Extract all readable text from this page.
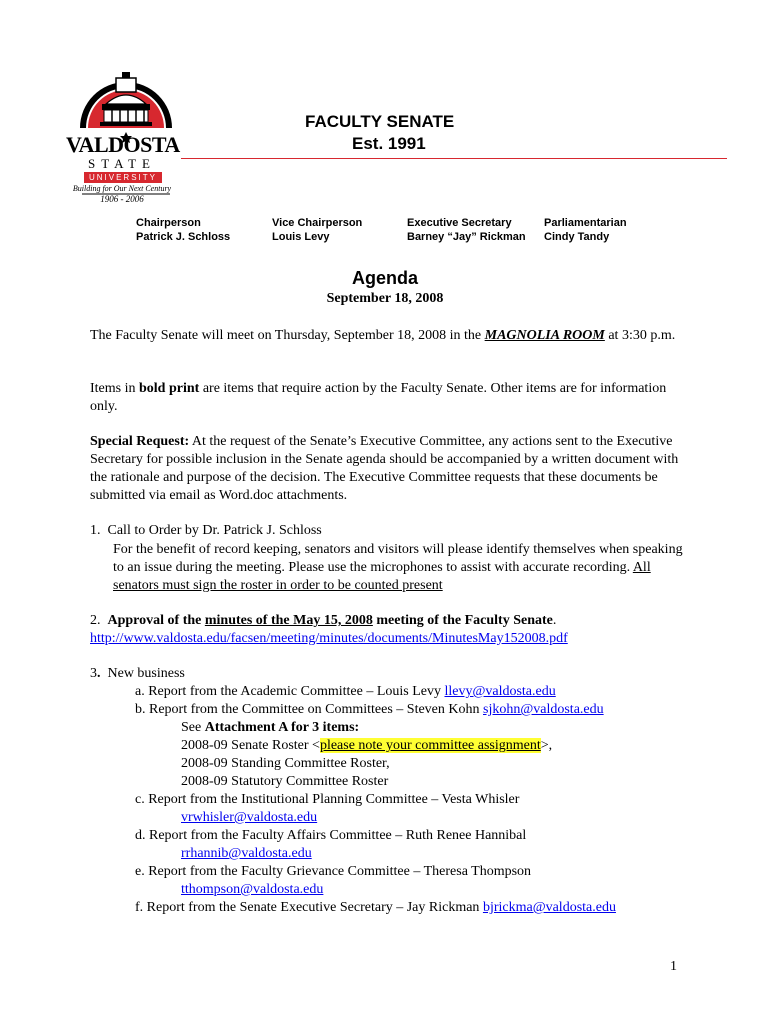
VALDOSTA
STATE
UNIVERSITY
Building for Our Next Century
1906 - 2006
FACULTY SENATE
Est. 1991
Chairperson
Patrick J. Schloss
Vice Chairperson
Louis Levy
Executive Secretary
Barney “Jay” Rickman
Parliamentarian
Cindy Tandy
Agenda
September 18, 2008
The Faculty Senate will meet on Thursday, September 18, 2008 in the MAGNOLIA ROOM at 3:30 p.m.
Items in bold print are items that require action by the Faculty Senate. Other items are for information only.
Special Request: At the request of the Senate’s Executive Committee, any actions sent to the Executive Secretary for possible inclusion in the Senate agenda should be accompanied by a written document with the rationale and purpose of the decision. The Executive Committee requests that these documents be submitted via email as Word.doc attachments.
1. Call to Order by Dr. Patrick J. Schloss
For the benefit of record keeping, senators and visitors will please identify themselves when speaking to an issue during the meeting. Please use the microphones to assist with accurate recording. All senators must sign the roster in order to be counted present
2. Approval of the minutes of the May 15, 2008 meeting of the Faculty Senate.
http://www.valdosta.edu/facsen/meeting/minutes/documents/MinutesMay152008.pdf
3. New business
a. Report from the Academic Committee – Louis Levy llevy@valdosta.edu
b. Report from the Committee on Committees – Steven Kohn sjkohn@valdosta.edu
See Attachment A for 3 items:
2008-09 Senate Roster <please note your committee assignment>,
2008-09 Standing Committee Roster,
2008-09 Statutory Committee Roster
c. Report from the Institutional Planning Committee – Vesta Whisler
vrwhisler@valdosta.edu
d. Report from the Faculty Affairs Committee – Ruth Renee Hannibal
rrhannib@valdosta.edu
e. Report from the Faculty Grievance Committee – Theresa Thompson
tthompson@valdosta.edu
f. Report from the Senate Executive Secretary – Jay Rickman bjrickma@valdosta.edu
1
